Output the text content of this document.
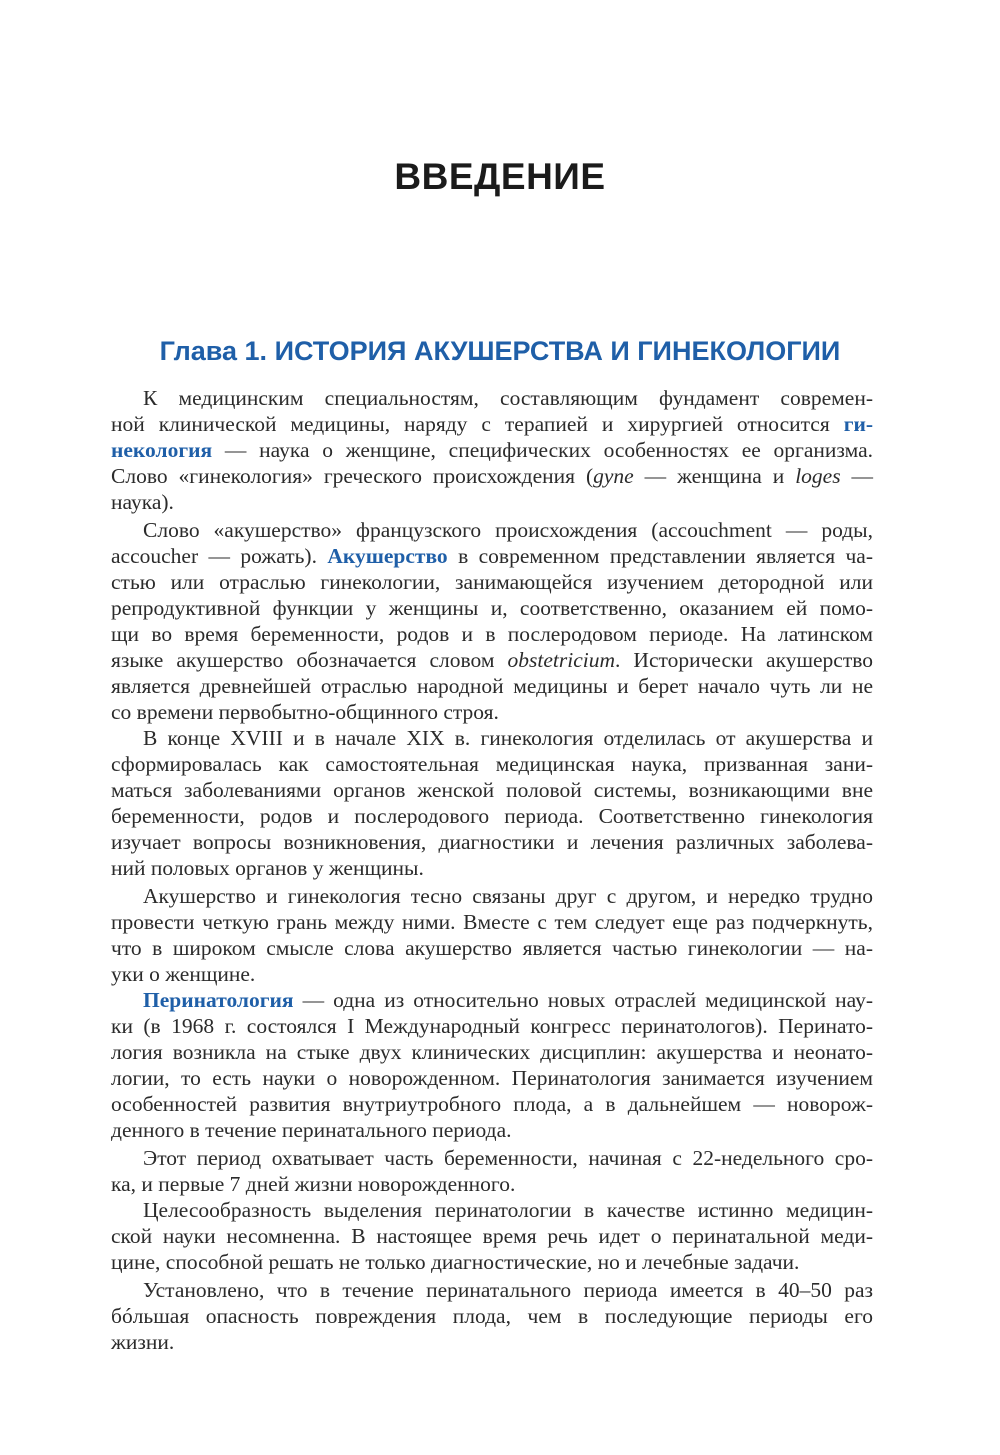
ВВЕДЕНИЕ
Глава 1. ИСТОРИЯ АКУШЕРСТВА И ГИНЕКОЛОГИИ

К медицинским специальностям, составляющим фундамент современ-

ной клинической медицины, наряду с терапией и хирургией относится ги-

некология — наука о женщине, специфических особенностях ее организма.

Слово «гинекология» греческого происхождения (gyne — женщина и loges —

наука).

Слово «акушерство» французского происхождения (accouchment — роды,

accoucher — рожать). Акушерство в современном представлении является ча-

стью или отраслью гинекологии, занимающейся изучением детородной или

репродуктивной функции у женщины и, соответственно, оказанием ей помо-

щи во время беременности, родов и в послеродовом периоде. На латинском

языке акушерство обозначается словом obstetricium. Исторически акушерство

является древнейшей отраслью народной медицины и берет начало чуть ли не

со времени первобытно-общинного строя.

В конце XVIII и в начале XIX в. гинекология отделилась от акушерства и

сформировалась как самостоятельная медицинская наука, призванная зани-

маться заболеваниями органов женской половой системы, возникающими вне

беременности, родов и послеродового периода. Соответственно гинекология

изучает вопросы возникновения, диагностики и лечения различных заболева-

ний половых органов у женщины.

Акушерство и гинекология тесно связаны друг с другом, и нередко трудно

провести четкую грань между ними. Вместе с тем следует еще раз подчеркнуть,

что в широком смысле слова акушерство является частью гинекологии — на-

уки о женщине.

Перинатология — одна из относительно новых отраслей медицинской нау-

ки (в 1968 г. состоялся I Международный конгресс перинатологов). Перинато-

логия возникла на стыке двух клинических дисциплин: акушерства и неонато-

логии, то есть науки о новорожденном. Перинатология занимается изучением

особенностей развития внутриутробного плода, а в дальнейшем — новорож-

денного в течение перинатального периода.

Этот период охватывает часть беременности, начиная с 22-недельного сро-

ка, и первые 7 дней жизни новорожденного.

Целесообразность выделения перинатологии в качестве истинно медицин-

ской науки несомненна. В настоящее время речь идет о перинатальной меди-

цине, способной решать не только диагностические, но и лечебные задачи.

Установлено, что в течение перинатального периода имеется в 40–50 раз

бóльшая опасность повреждения плода, чем в последующие периоды его

жизни.
